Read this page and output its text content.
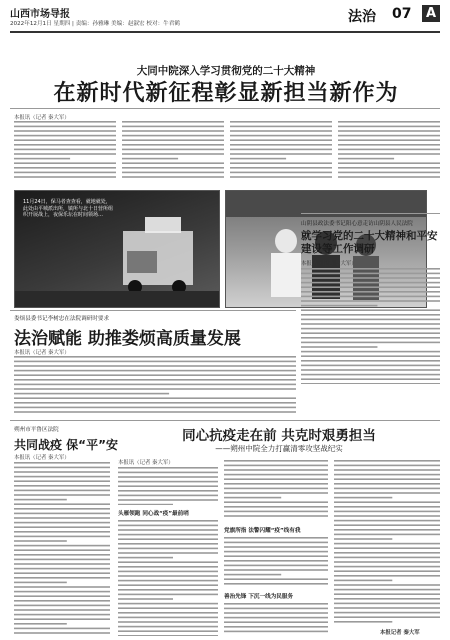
山西市场导报
2022年12月1日 星期四 | 责编：孙雅琳 美编：赵淑宏 校对：牛君鹤	法治 07	A
大同中院深入学习贯彻党的二十大精神
在新时代新征程彰显新担当新作为
本报讯（记者 秦大军）
11月24日，保马者查查看，就地就处，此处由平城派出所，镇所与北十日营所组织开展战上，夜保乐坛在时间领场…
山阴县政法委书记阳心意走访山阴县人民法院
就学习党的二十大精神和平安建设等工作调研
本报讯（记者 秦大军）
娄烦县委书记李树忠在法院调研时要求
法治赋能 助推娄烦高质量发展
本报讯（记者 秦大军）
朔州市平鲁区法院
共同战疫 保“平”安
本报讯（记者 秦大军）
同心抗疫走在前 共克时艰勇担当
——朔州中院全力打赢清零攻坚战纪实
本报讯（记者 秦大军）
头雁领跑 同心战“疫”最前哨
党旗所指 法警闪耀“疫”线有我
善治先锋 下沉一线为民服务
本报记者 秦大军
